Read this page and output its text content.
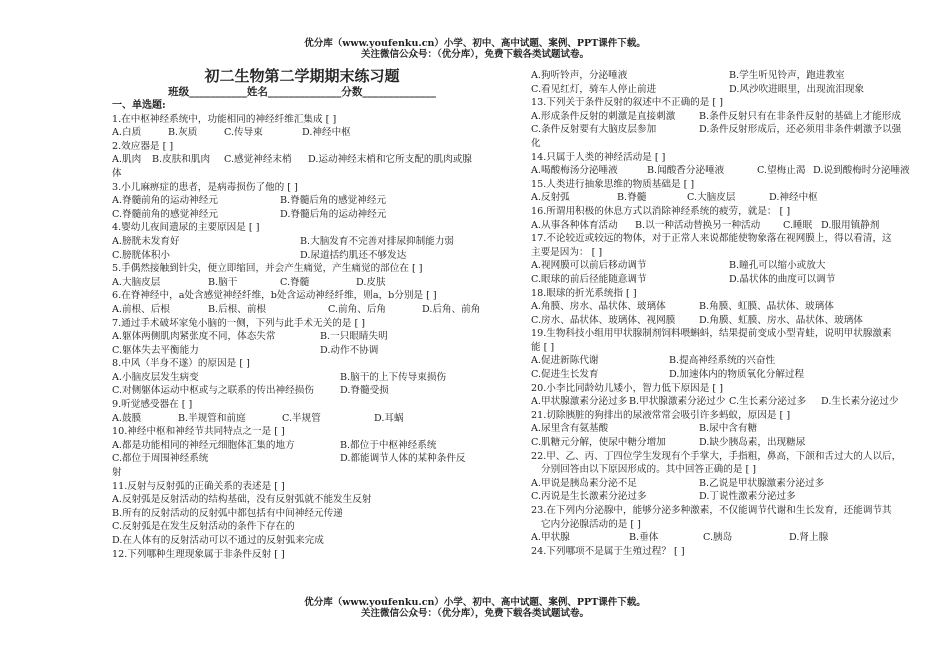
优分库（www.youfenku.cn）小学、初中、高中试题、案例、PPT课件下载。
关注微信公众号：（优分库），免费下载各类试题试卷。
初二生物第二学期期末练习题
班级___________姓名______________分数______________
一、单选题:
1.在中枢神经系统中，功能相同的神经纤维汇集成 [ ]
A.白质	B.灰质	C.传导束	D.神经中枢
2.效应器是 [ ]
A.肌肉 B.皮肤和肌肉 C.感觉神经末梢 D.运动神经末梢和它所支配的肌肉或腺
体
3.小儿麻痹症的患者，是病毒损伤了他的 [ ]
A.脊髓前角的运动神经元	B.脊髓后角的感觉神经元
C.脊髓前角的感觉神经元	D.脊髓后角的运动神经元
4.婴幼儿夜间遗尿的主要原因是 [ ]
A.膀胱未发育好	B.大脑发育不完善对排尿抑制能力弱
C.膀胱体积小	D.尿道括约肌还不够发达
5.手偶然接触到针尖，便立即缩回，并会产生痛觉，产生痛觉的部位在 [ ]
A.大脑皮层	B.脑干	C.脊髓	D.皮肤
6.在脊神经中，a处含感觉神经纤维，b处含运动神经纤维，则a，b分别是 [ ]
A.前根、后根	B.后根、前根	C.前角、后角	D.后角、前角
7.通过手术破坏家兔小脑的一侧，下列与此手术无关的是 [ ]
A.躯体两侧肌肉紧张度不同，体态失常	B.一只眼睛失明
C.躯体失去平衡能力	D.动作不协调
8.中风（半身不遂）的原因是 [ ]
A.小脑皮层发生病变	B.脑干的上下传导束损伤
C.对侧躯体运动中枢或与之联系的传出神经损伤	D.脊髓受损
9.听觉感受器在 [ ]
A.鼓膜	B.半规管和前庭	C.半规管	D.耳蜗
10.神经中枢和神经节共同特点之一是 [ ]
A.都是功能相同的神经元细胞体汇集的地方	B.都位于中枢神经系统
C.都位于周围神经系统	D.都能调节人体的某种条件反
射
11.反射与反射弧的正确关系的表述是 [ ]
A.反射弧是反射活动的结构基础，没有反射弧就不能发生反射
B.所有的反射活动的反射弧中都包括有中间神经元传递
C.反射弧是在发生反射活动的条件下存在的
D.在人体有的反射活动可以不通过的反射弧来完成
12.下列哪种生理现象属于非条件反射 [ ]
A.狗听铃声，分泌唾液	B.学生听见铃声，跑进教室
C.看见红灯，骑车人停止前进	D.风沙吹进眼里，出现流泪现象
13.下列关于条件反射的叙述中不正确的是 [ ]
A.形成条件反射的刺激是直接刺激 B.条件反射只有在非条件反射的基础上才能形成
C.条件反射要有大脑皮层参加	D.条件反射形成后，还必须用非条件刺激予以强
化
14.只属于人类的神经活动是 [ ]
A.喝酸梅汤分泌唾液	B.闻酸香分泌唾液	C.望梅止渴 D.说到酸梅时分泌唾液
15.人类进行抽象思维的物质基础是 [ ]
A.反射弧	B.脊髓	C.大脑皮层	D.神经中枢
16.所谓用积极的休息方式以消除神经系统的疲劳，就是： [ ]
A.从事各种体育活动 B.以一种活动替换另一种活动 C.睡眠 D.服用镇静剂
17.不论较近或较远的物体，对于正常人来说都能使物象落在视网膜上，得以看清，这
主要是因为： [ ]
A.视网膜可以前后移动调节	B.瞳孔可以缩小或放大
C.眼球的前后径能随意调节	D.晶状体的曲度可以调节
18.眼球的折光系统指 [ ]
A.角膜、房水、晶状体、玻璃体	B.角膜、虹膜、晶状体、玻璃体
C.房水、晶状体、玻璃体、视网膜 D.角膜、虹膜、房水、晶状体、玻璃体
19.生物科技小组用甲状腺制剂饲料喂蝌蚪，结果提前变成小型青蛙，说明甲状腺激素
能 [ ]
A.促进新陈代谢	B.提高神经系统的兴奋性
C.促进生长发育	D.加速体内的物质氧化分解过程
20.小李比同龄幼儿矮小，智力低下原因是 [ ]
A.甲状腺激素分泌过多 B.甲状腺激素分泌过少 C.生长素分泌过多 D.生长素分泌过少
21.切除胰脏的狗排出的尿液常常会吸引许多蚂蚁，原因是 [ ]
A.尿里含有氨基酸	B.尿中含有糖
C.肌糖元分解，使尿中糖分增加	D.缺少胰岛素，出现糖尿
22.甲、乙、丙、丁四位学生发现有个手掌大，手指粗，鼻高，下颌和舌过大的人以后，
分别回答由以下原因形成的。其中回答正确的是 [ ]
A.甲说是胰岛素分泌不足	B.乙说是甲状腺激素分泌过多
C.丙说是生长激素分泌过多	D.丁说性激素分泌过多
23.在下列内分泌腺中，能够分泌多种激素，不仅能调节代谢和生长发育，还能调节其
它内分泌腺活动的是 [ ]
A.甲状腺	B.垂体	C.胰岛	D.肾上腺
24.下列哪项不是属于生殖过程？ [ ]
优分库（www.youfenku.cn）小学、初中、高中试题、案例、PPT课件下载。
关注微信公众号：（优分库），免费下载各类试题试卷。
